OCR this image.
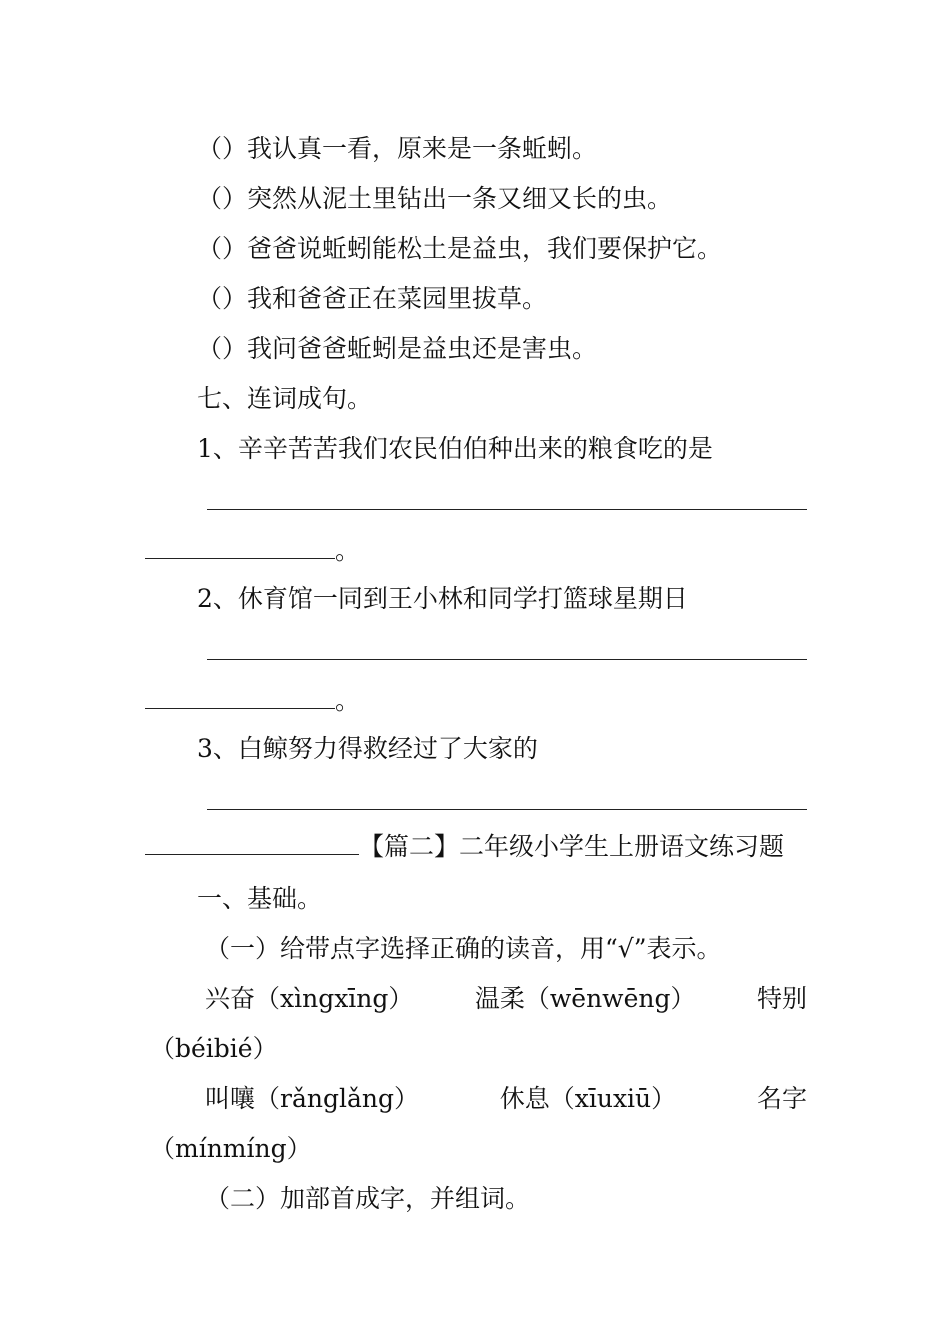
（）我认真一看，原来是一条蚯蚓。
（）突然从泥土里钻出一条又细又长的虫。
（）爸爸说蚯蚓能松土是益虫，我们要保护它。
（）我和爸爸正在菜园里拔草。
（）我问爸爸蚯蚓是益虫还是害虫。
七、连词成句。
1、辛辛苦苦我们农民伯伯种出来的粮食吃的是
。
2、休育馆一同到王小林和同学打篮球星期日
。
3、白鲸努力得救经过了大家的
【篇二】二年级小学生上册语文练习题
一、基础。
（一）给带点字选择正确的读音，用“√”表示。
兴奋（xìngxīng） 温柔（wēnwēng） 特别
（béibié）
叫嚷（rǎnglǎng）	休息（xīuxiū）	名字
（mínmíng）
（二）加部首成字，并组词。
